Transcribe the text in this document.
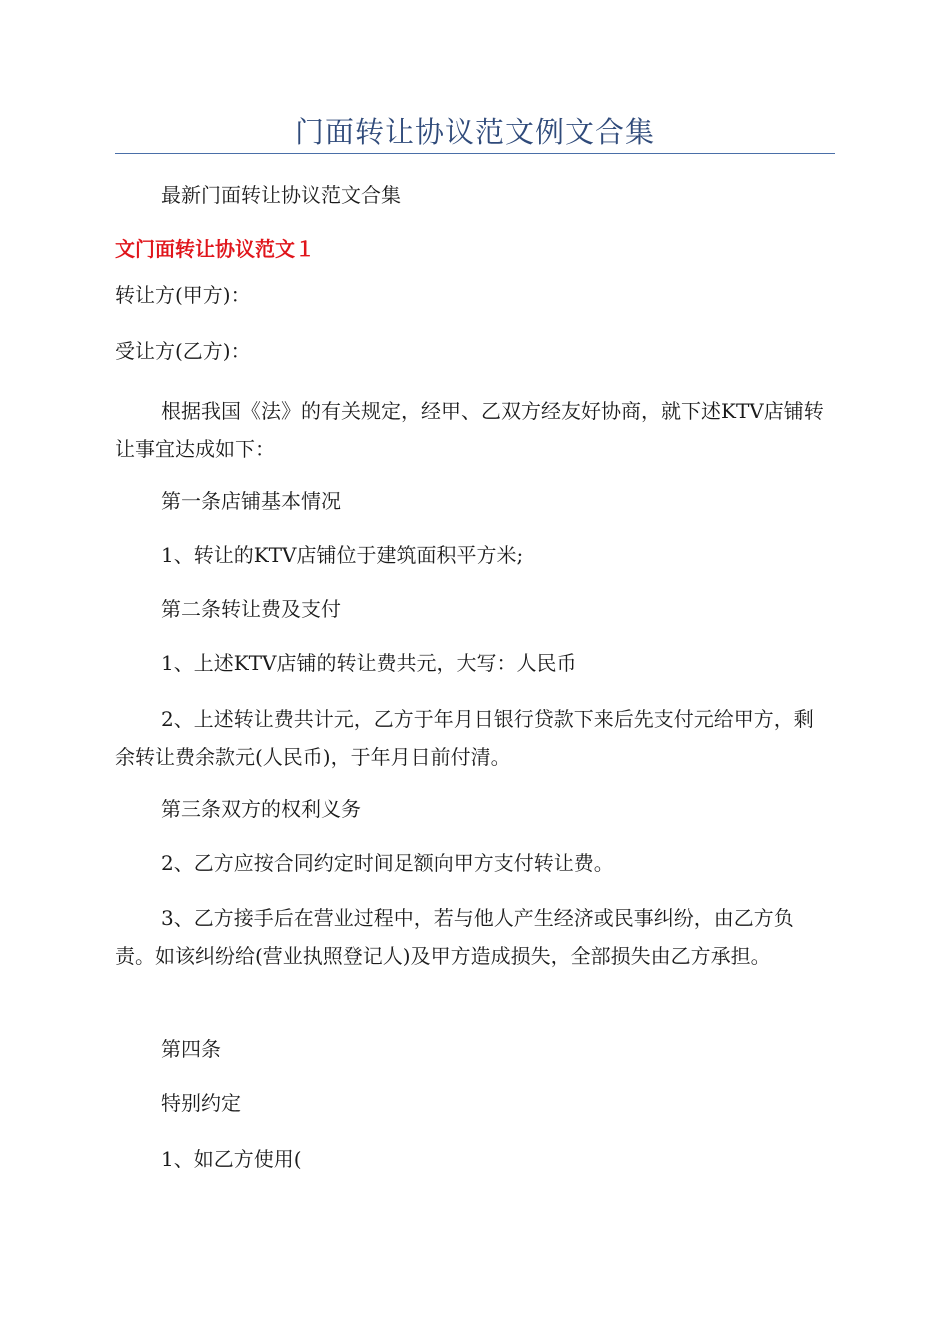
门面转让协议范文例文合集

最新门面转让协议范文合集

文门面转让协议范文１

转让方(甲方)：

受让方(乙方)：

根据我国《法》的有关规定，经甲、乙双方经友好协商，就下述KTV店铺转让事宜达成如下：

第一条店铺基本情况

1、转让的KTV店铺位于建筑面积平方米;

第二条转让费及支付

1、上述KTV店铺的转让费共元，大写：人民币

2、上述转让费共计元，乙方于年月日银行贷款下来后先支付元给甲方，剩余转让费余款元(人民币)，于年月日前付清。

第三条双方的权利义务

2、乙方应按合同约定时间足额向甲方支付转让费。

3、乙方接手后在营业过程中，若与他人产生经济或民事纠纷，由乙方负责。如该纠纷给(营业执照登记人)及甲方造成损失，全部损失由乙方承担。

第四条

特别约定

1、如乙方使用(
